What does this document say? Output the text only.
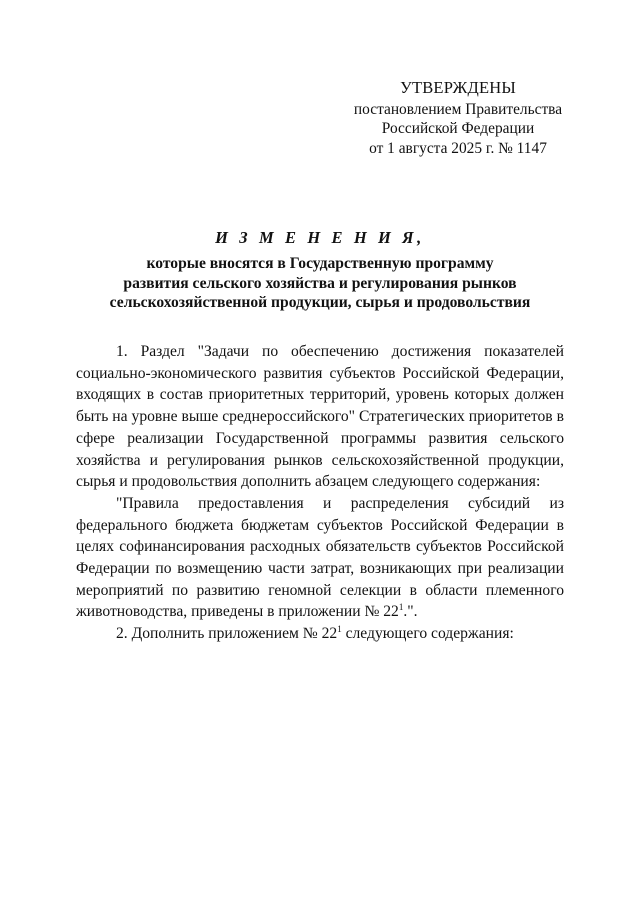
УТВЕРЖДЕНЫ
постановлением Правительства
Российской Федерации
от 1 августа 2025 г. № 1147
И З М Е Н Е Н И Я,
которые вносятся в Государственную программу
развития сельского хозяйства и регулирования рынков
сельскохозяйственной продукции, сырья и продовольствия

1. Раздел "Задачи по обеспечению достижения показателей социально-экономического развития субъектов Российской Федерации, входящих в состав приоритетных территорий, уровень которых должен быть на уровне выше среднероссийского" Стратегических приоритетов в сфере реализации Государственной программы развития сельского хозяйства и регулирования рынков сельскохозяйственной продукции, сырья и продовольствия дополнить абзацем следующего содержания:

"Правила предоставления и распределения субсидий из федерального бюджета бюджетам субъектов Российской Федерации в целях софинансирования расходных обязательств субъектов Российской Федерации по возмещению части затрат, возникающих при реализации мероприятий по развитию геномной селекции в области племенного животноводства, приведены в приложении № $22^1$.".

2. Дополнить приложением № $22^1$ следующего содержания:
